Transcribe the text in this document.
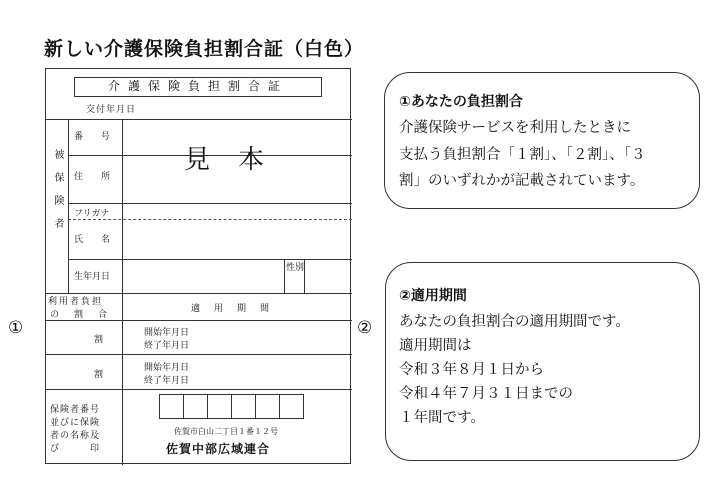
新しい介護保険負担割合証（白色）
①	②
介護保険負担割合証
交付年月日
被保険者
番　　号
住　　所
フリガナ
氏　　名
生年月日
性別
見本
利用者負担
の　割　合
適用期間
割
開始年月日
終了年月日
割
開始年月日
終了年月日
保険者番号
並びに保険
者の名称及
び　　　印
佐賀市白山二丁目１番１２号
佐賀中部広域連合
①あなたの負担割合
介護保険サービスを利用したときに
支払う負担割合「１割」、「２割」、「３
割」のいずれかが記載されています。
②適用期間
あなたの負担割合の適用期間です。
適用期間は
令和３年８月１日から
令和４年７月３１日までの
１年間です。
